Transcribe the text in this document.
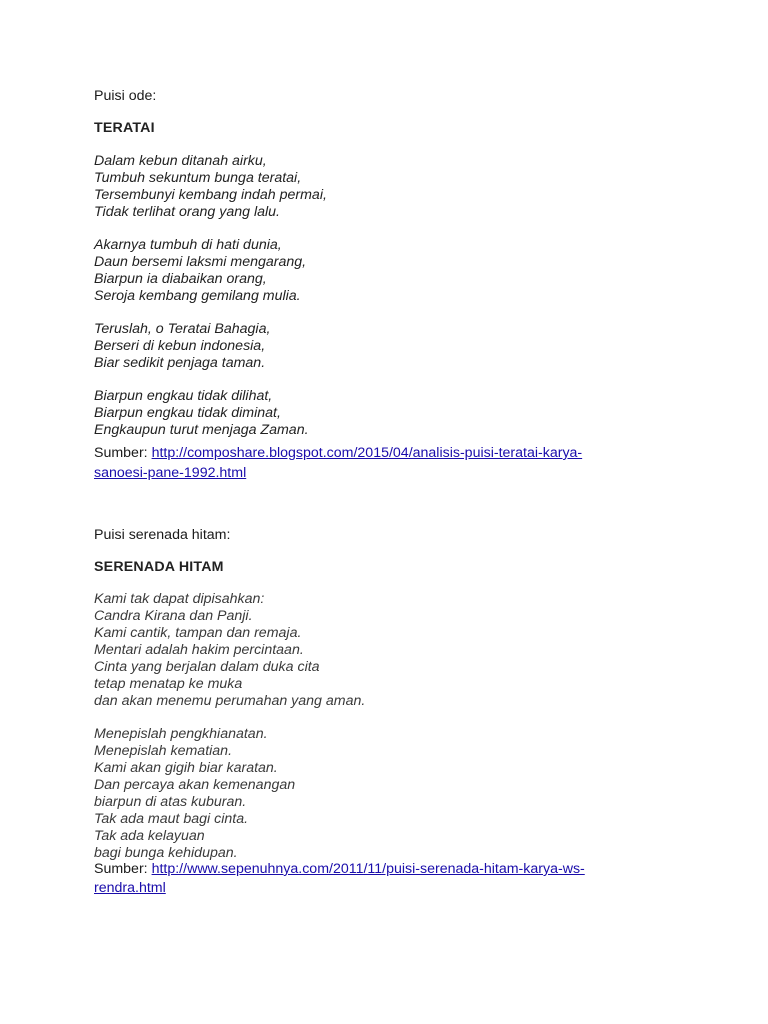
Puisi ode:
TERATAI
Dalam kebun ditanah airku,
Tumbuh sekuntum bunga teratai,
Tersembunyi kembang indah permai,
Tidak terlihat orang yang lalu.
Akarnya tumbuh di hati dunia,
Daun bersemi laksmi mengarang,
Biarpun ia diabaikan orang,
Seroja kembang gemilang mulia.
Teruslah, o Teratai Bahagia,
Berseri di kebun indonesia,
Biar sedikit penjaga taman.
Biarpun engkau tidak dilihat,
Biarpun engkau tidak diminat,
Engkaupun turut menjaga Zaman.
Sumber: http://composhare.blogspot.com/2015/04/analisis-puisi-teratai-karya-
sanoesi-pane-1992.html
Puisi serenada hitam:
SERENADA HITAM
Kami tak dapat dipisahkan:
Candra Kirana dan Panji.
Kami cantik, tampan dan remaja.
Mentari adalah hakim percintaan.
Cinta yang berjalan dalam duka cita
tetap menatap ke muka
dan akan menemu perumahan yang aman.
Menepislah pengkhianatan.
Menepislah kematian.
Kami akan gigih biar karatan.
Dan percaya akan kemenangan
biarpun di atas kuburan.
Tak ada maut bagi cinta.
Tak ada kelayuan
bagi bunga kehidupan.
Sumber: http://www.sepenuhnya.com/2011/11/puisi-serenada-hitam-karya-ws-
rendra.html
